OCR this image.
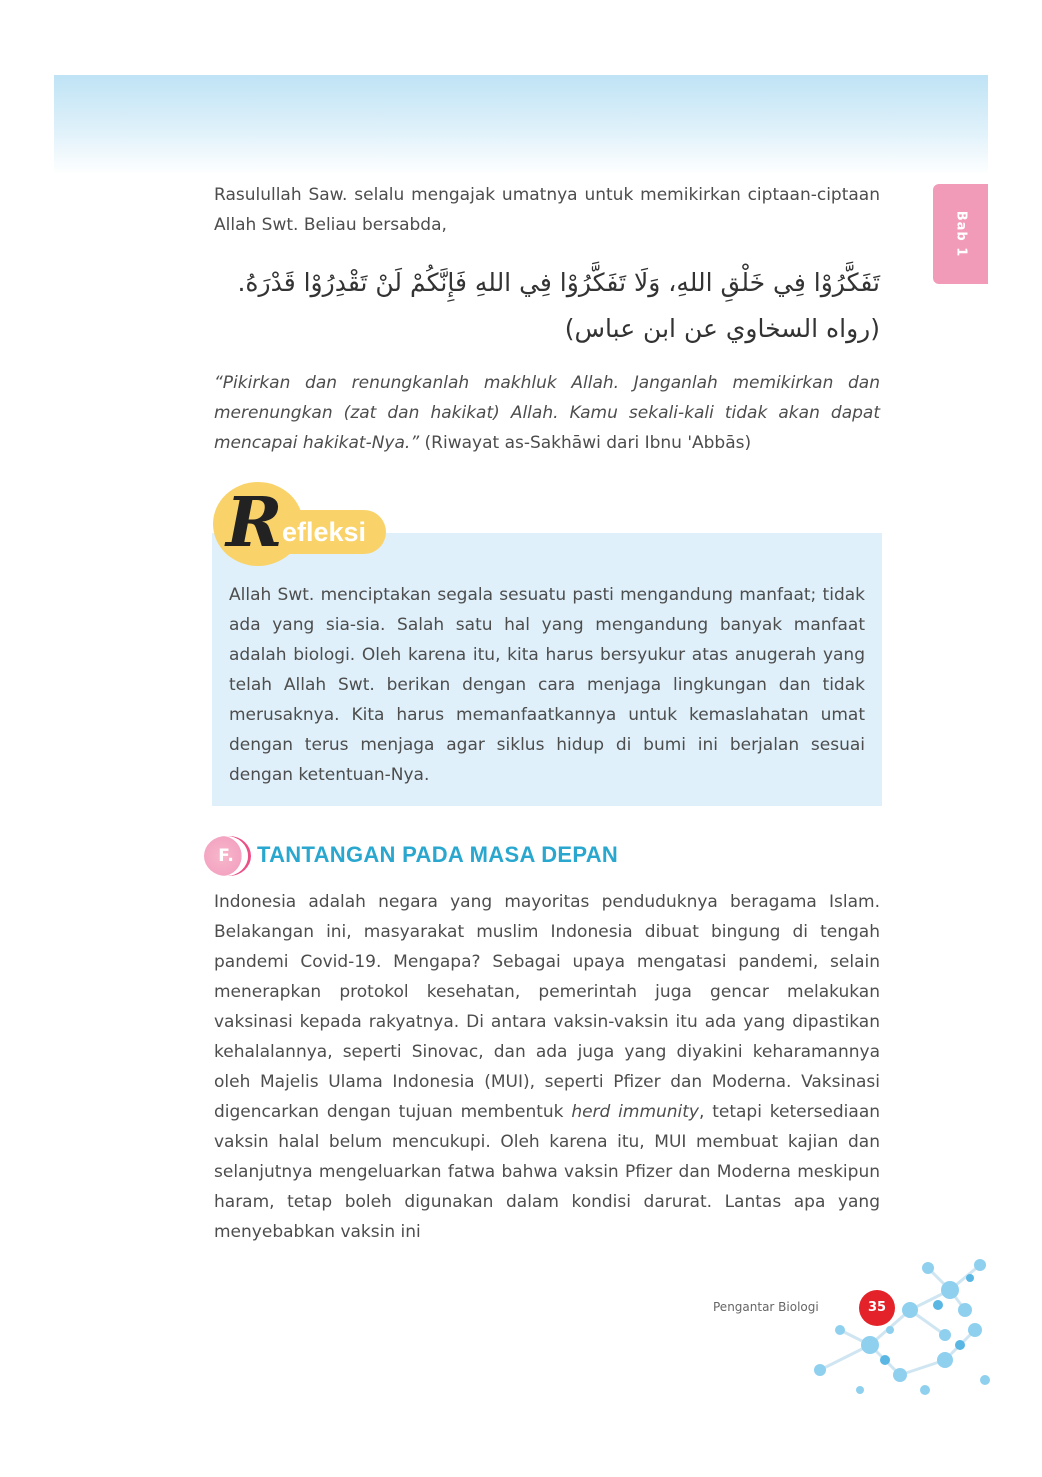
Bab 1

Rasulullah Saw. selalu mengajak umatnya untuk memikirkan ciptaan-ciptaan Allah Swt. Beliau bersabda,

تَفَكَّرُوْا فِي خَلْقِ اللهِ، وَلَا تَفَكَّرُوْا فِي اللهِ فَإِنَّكُمْ لَنْ تَقْدِرُوْا قَدْرَهُ. (رواه السخاوي عن ابن عباس)

“Pikirkan dan renungkanlah makhluk Allah. Janganlah memikirkan dan merenungkan (zat dan hakikat) Allah. Kamu sekali-kali tidak akan dapat mencapai hakikat-Nya.” (Riwayat as-Sakhāwi dari Ibnu 'Abbās)

R efleksi

Allah Swt. menciptakan segala sesuatu pasti mengandung manfaat; tidak ada yang sia-sia. Salah satu hal yang mengandung banyak manfaat adalah biologi. Oleh karena itu, kita harus bersyukur atas anugerah yang telah Allah Swt. berikan dengan cara menjaga lingkungan dan tidak merusaknya. Kita harus memanfaatkannya untuk kemaslahatan umat dengan terus menjaga agar siklus hidup di bumi ini berjalan sesuai dengan ketentuan-Nya.

F.	TANTANGAN PADA MASA DEPAN

Indonesia adalah negara yang mayoritas penduduknya beragama Islam. Belakangan ini, masyarakat muslim Indonesia dibuat bingung di tengah pandemi Covid-19. Mengapa? Sebagai upaya mengatasi pandemi, selain menerapkan protokol kesehatan, pemerintah juga gencar melakukan vaksinasi kepada rakyatnya. Di antara vaksin-vaksin itu ada yang dipastikan kehalalannya, seperti Sinovac, dan ada juga yang diyakini keharamannya oleh Majelis Ulama Indonesia (MUI), seperti Pfizer dan Moderna. Vaksinasi digencarkan dengan tujuan membentuk herd immunity, tetapi ketersediaan vaksin halal belum mencukupi. Oleh karena itu, MUI membuat kajian dan selanjutnya mengeluarkan fatwa bahwa vaksin Pfizer dan Moderna meskipun haram, tetap boleh digunakan dalam kondisi darurat. Lantas apa yang menyebabkan vaksin ini

Pengantar Biologi	35
